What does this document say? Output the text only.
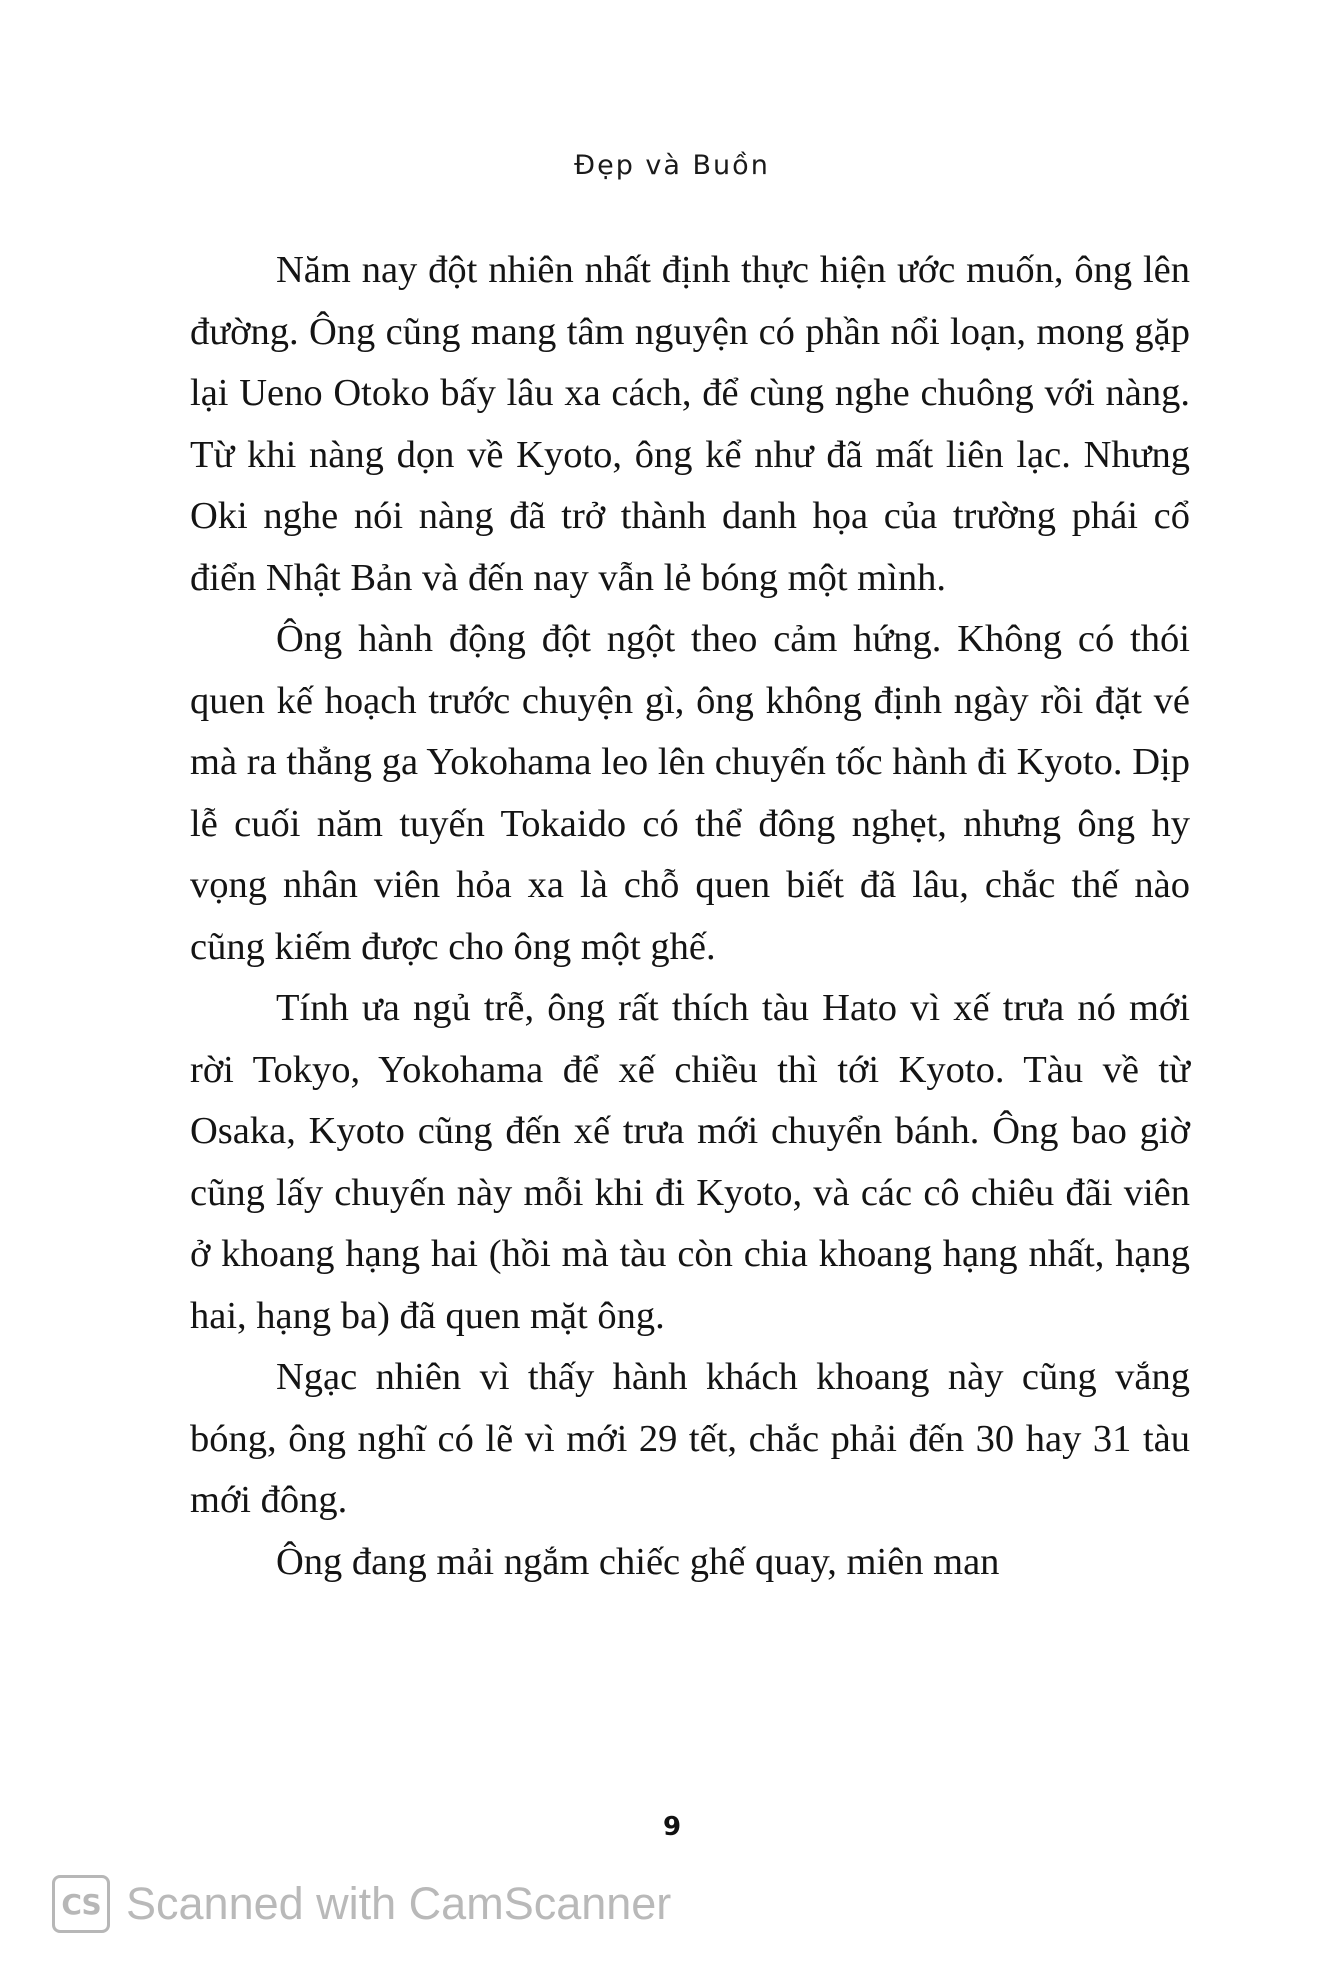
Đẹp và Buồn

Năm nay đột nhiên nhất định thực hiện ước muốn, ông lên đường. Ông cũng mang tâm nguyện có phần nổi loạn, mong gặp lại Ueno Otoko bấy lâu xa cách, để cùng nghe chuông với nàng. Từ khi nàng dọn về Kyoto, ông kể như đã mất liên lạc. Nhưng Oki nghe nói nàng đã trở thành danh họa của trường phái cổ điển Nhật Bản và đến nay vẫn lẻ bóng một mình.

Ông hành động đột ngột theo cảm hứng. Không có thói quen kế hoạch trước chuyện gì, ông không định ngày rồi đặt vé mà ra thẳng ga Yokohama leo lên chuyến tốc hành đi Kyoto. Dịp lễ cuối năm tuyến Tokaido có thể đông nghẹt, nhưng ông hy vọng nhân viên hỏa xa là chỗ quen biết đã lâu, chắc thế nào cũng kiếm được cho ông một ghế.

Tính ưa ngủ trễ, ông rất thích tàu Hato vì xế trưa nó mới rời Tokyo, Yokohama để xế chiều thì tới Kyoto. Tàu về từ Osaka, Kyoto cũng đến xế trưa mới chuyển bánh. Ông bao giờ cũng lấy chuyến này mỗi khi đi Kyoto, và các cô chiêu đãi viên ở khoang hạng hai (hồi mà tàu còn chia khoang hạng nhất, hạng hai, hạng ba) đã quen mặt ông.

Ngạc nhiên vì thấy hành khách khoang này cũng vắng bóng, ông nghĩ có lẽ vì mới 29 tết, chắc phải đến 30 hay 31 tàu mới đông.

Ông đang mải ngắm chiếc ghế quay, miên man

9
CS Scanned with CamScanner
